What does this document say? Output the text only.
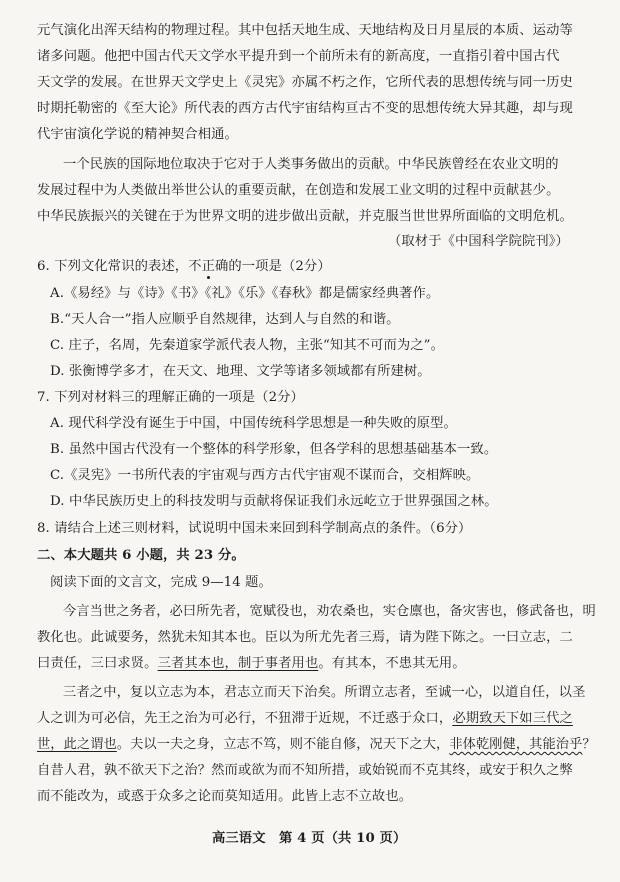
元气演化出浑天结构的物理过程。其中包括天地生成、天地结构及日月星辰的本质、运动等
诸多问题。他把中国古代天文学水平提升到一个前所未有的新高度，一直指引着中国古代
天文学的发展。在世界天文学史上《灵宪》亦属不朽之作，它所代表的思想传统与同一历史
时期托勒密的《至大论》所代表的西方古代宇宙结构亘古不变的思想传统大异其趣，却与现
代宇宙演化学说的精神契合相通。
一个民族的国际地位取决于它对于人类事务做出的贡献。中华民族曾经在农业文明的
发展过程中为人类做出举世公认的重要贡献，在创造和发展工业文明的过程中贡献甚少。
中华民族振兴的关键在于为世界文明的进步做出贡献，并克服当世世界所面临的文明危机。
（取材于《中国科学院院刊》）
6. 下列文化常识的表述，不正确的一项是（2分）
A.《易经》与《诗》《书》《礼》《乐》《春秋》都是儒家经典著作。
B.“天人合一”指人应顺乎自然规律，达到人与自然的和谐。
C. 庄子，名周，先秦道家学派代表人物，主张“知其不可而为之”。
D. 张衡博学多才，在天文、地理、文学等诸多领域都有所建树。
7. 下列对材料三的理解正确的一项是（2分）
A. 现代科学没有诞生于中国，中国传统科学思想是一种失败的原型。
B. 虽然中国古代没有一个整体的科学形象，但各学科的思想基础基本一致。
C.《灵宪》一书所代表的宇宙观与西方古代宇宙观不谋而合，交相辉映。
D. 中华民族历史上的科技发明与贡献将保证我们永远屹立于世界强国之林。
8. 请结合上述三则材料，试说明中国未来回到科学制高点的条件。（6分）
二、本大题共 6 小题，共 23 分。
阅读下面的文言文，完成 9—14 题。
今言当世之务者，必曰所先者，宽赋役也，劝农桑也，实仓廪也，备灾害也，修武备也，明
教化也。此诚要务，然犹未知其本也。臣以为所尤先者三焉，请为陛下陈之。一曰立志，二
曰责任，三曰求贤。三者其本也，制于事者用也。有其本，不患其无用。
三者之中，复以立志为本，君志立而天下治矣。所谓立志者，至诚一心，以道自任，以圣
人之训为可必信，先王之治为可必行，不狃滞于近规，不迁惑于众口，必期致天下如三代之
世，此之谓也。夫以一夫之身，立志不笃，则不能自修，况天下之大，非体乾刚健，其能治乎？
自昔人君，孰不欲天下之治？然而或欲为而不知所措，或始锐而不克其终，或安于积久之弊
而不能改为，或惑于众多之论而莫知适用。此皆上志不立故也。
高三语文　第 4 页（共 10 页）
